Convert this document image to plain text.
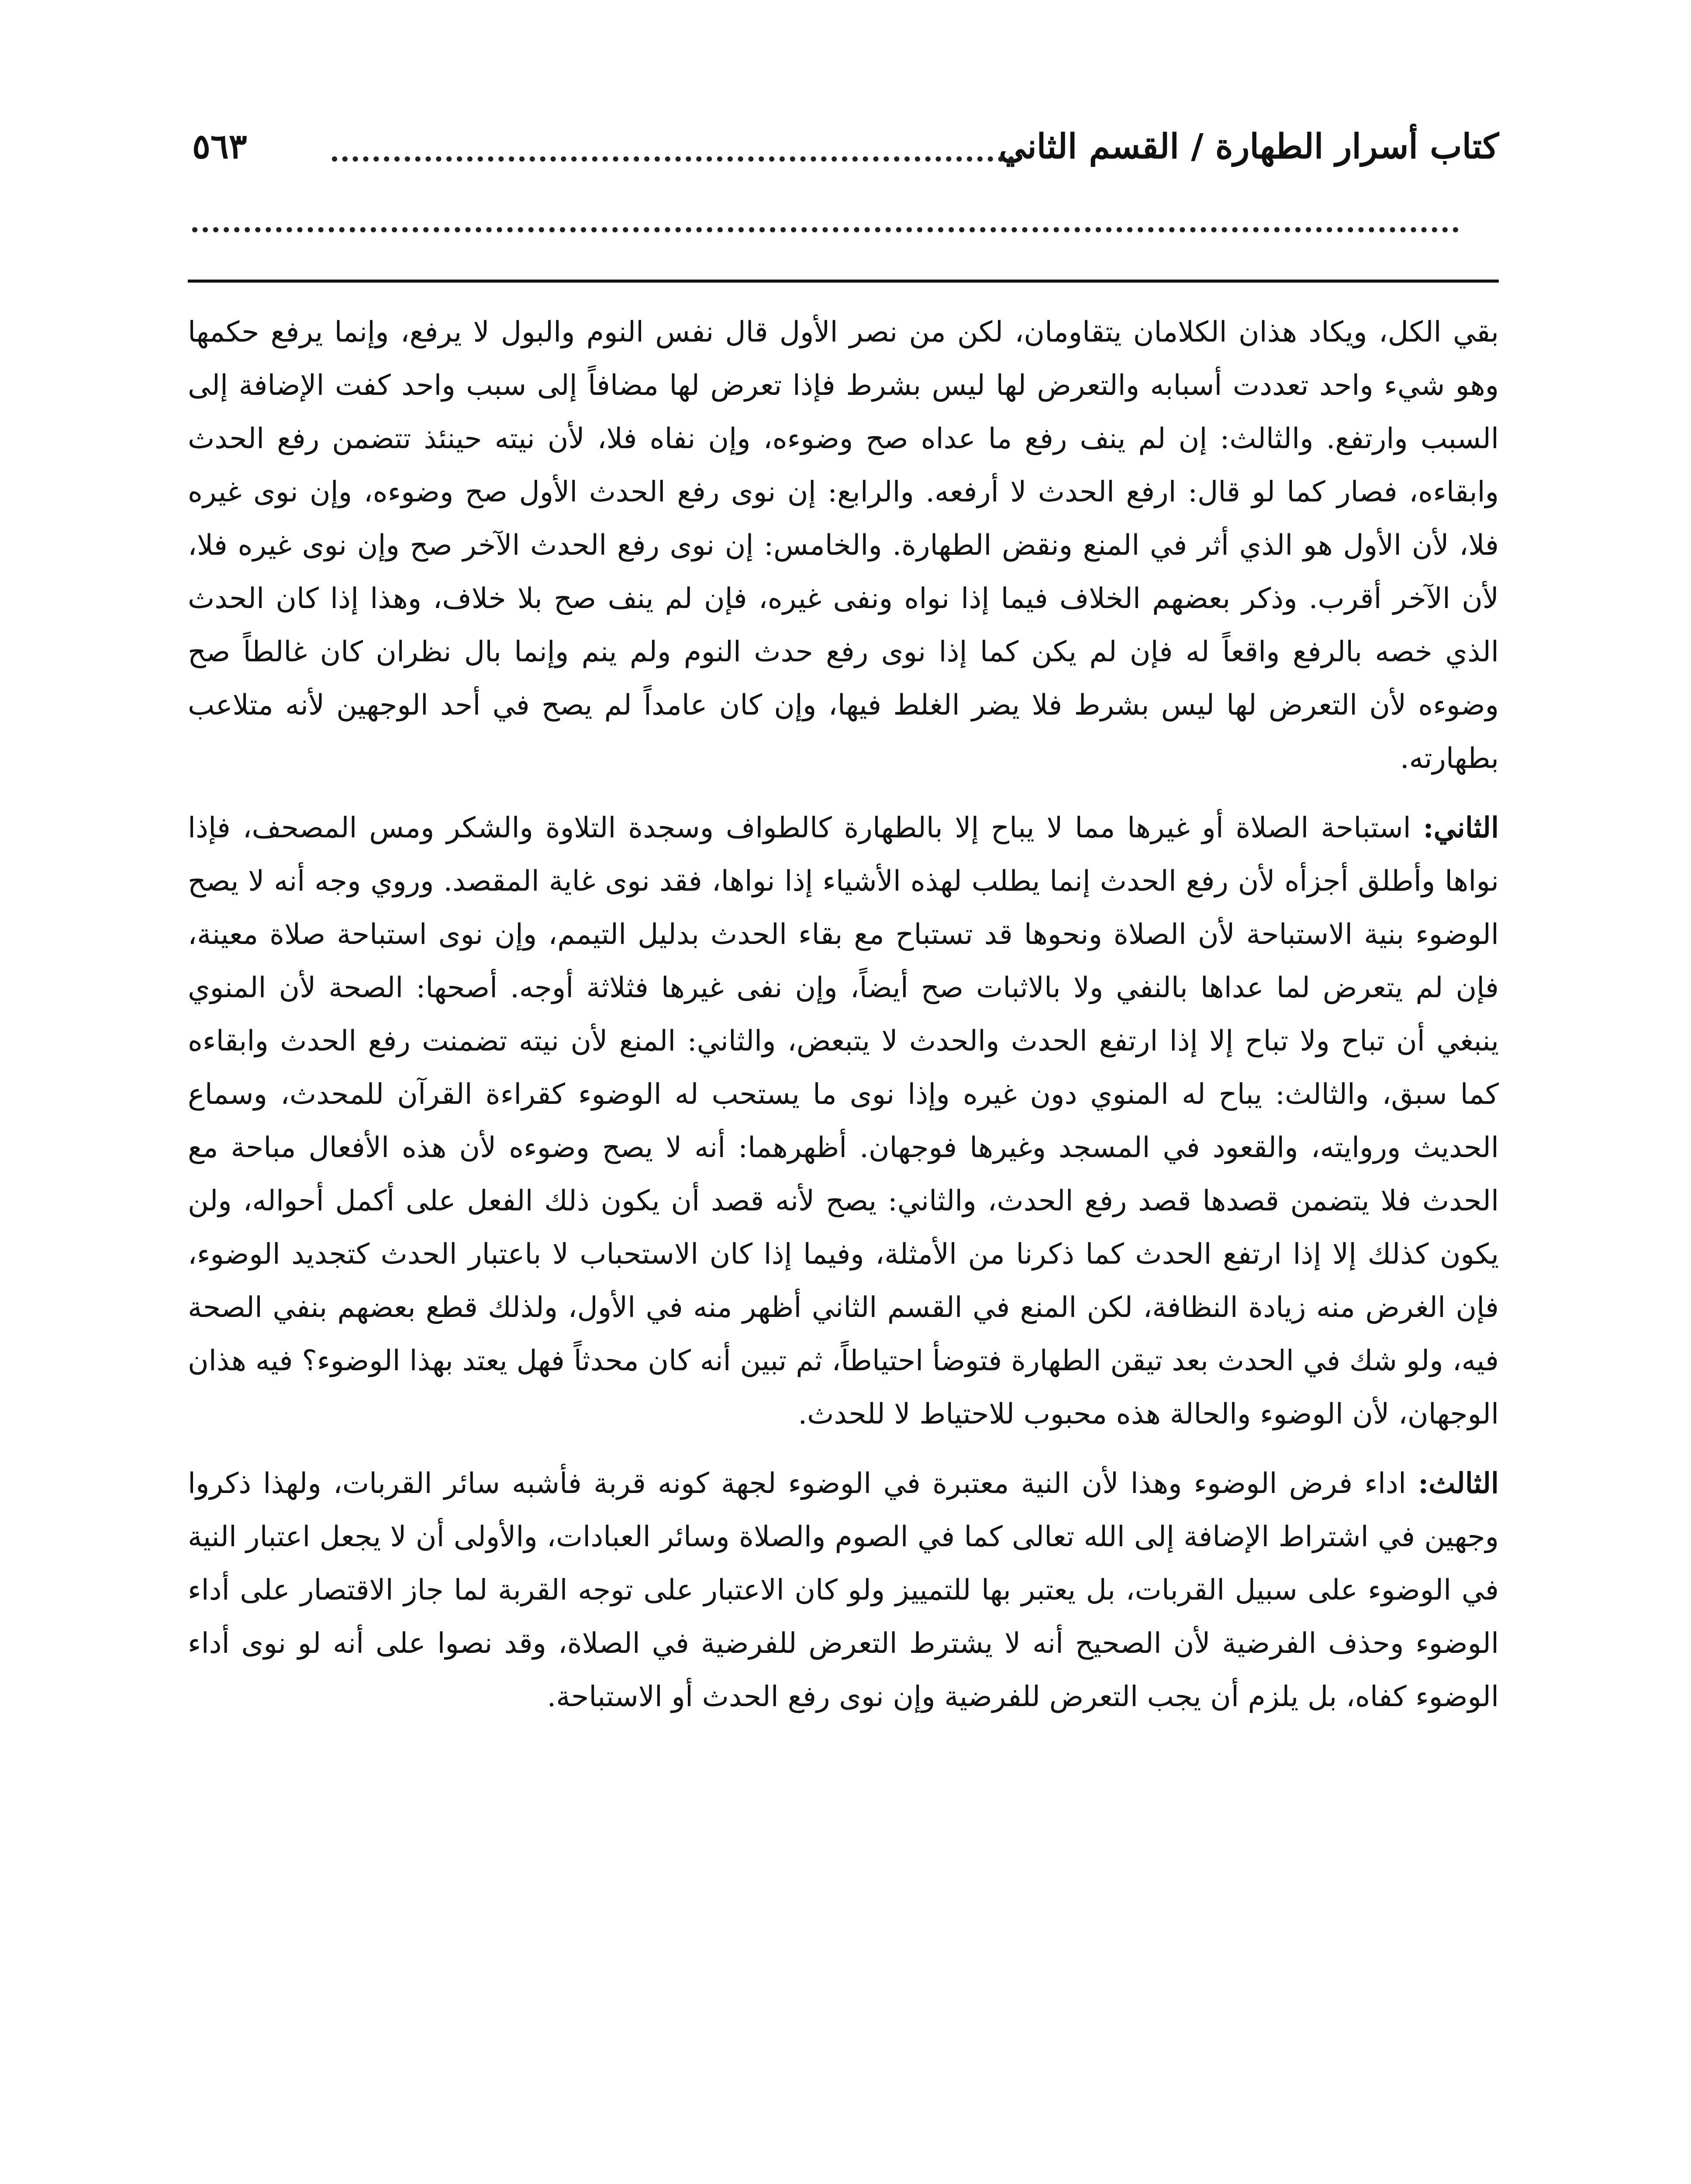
كتاب أسرار الطهارة / القسم الثاني
٥٦٣

بقي الكل، ويكاد هذان الكلامان يتقاومان، لكن من نصر الأول قال نفس النوم والبول لا يرفع، وإنما يرفع حكمها وهو شيء واحد تعددت أسبابه والتعرض لها ليس بشرط فإذا تعرض لها مضافاً إلى سبب واحد كفت الإضافة إلى السبب وارتفع. والثالث: إن لم ينف رفع ما عداه صح وضوءه، وإن نفاه فلا، لأن نيته حينئذ تتضمن رفع الحدث وابقاءه، فصار كما لو قال: ارفع الحدث لا أرفعه. والرابع: إن نوى رفع الحدث الأول صح وضوءه، وإن نوى غيره فلا، لأن الأول هو الذي أثر في المنع ونقض الطهارة. والخامس: إن نوى رفع الحدث الآخر صح وإن نوى غيره فلا، لأن الآخر أقرب. وذكر بعضهم الخلاف فيما إذا نواه ونفى غيره، فإن لم ينف صح بلا خلاف، وهذا إذا كان الحدث الذي خصه بالرفع واقعاً له فإن لم يكن كما إذا نوى رفع حدث النوم ولم ينم وإنما بال نظران كان غالطاً صح وضوءه لأن التعرض لها ليس بشرط فلا يضر الغلط فيها، وإن كان عامداً لم يصح في أحد الوجهين لأنه متلاعب بطهارته.

الثاني: استباحة الصلاة أو غيرها مما لا يباح إلا بالطهارة كالطواف وسجدة التلاوة والشكر ومس المصحف، فإذا نواها وأطلق أجزأه لأن رفع الحدث إنما يطلب لهذه الأشياء إذا نواها، فقد نوى غاية المقصد. وروي وجه أنه لا يصح الوضوء بنية الاستباحة لأن الصلاة ونحوها قد تستباح مع بقاء الحدث بدليل التيمم، وإن نوى استباحة صلاة معينة، فإن لم يتعرض لما عداها بالنفي ولا بالاثبات صح أيضاً، وإن نفى غيرها فثلاثة أوجه. أصحها: الصحة لأن المنوي ينبغي أن تباح ولا تباح إلا إذا ارتفع الحدث والحدث لا يتبعض، والثاني: المنع لأن نيته تضمنت رفع الحدث وابقاءه كما سبق، والثالث: يباح له المنوي دون غيره وإذا نوى ما يستحب له الوضوء كقراءة القرآن للمحدث، وسماع الحديث وروايته، والقعود في المسجد وغيرها فوجهان. أظهرهما: أنه لا يصح وضوءه لأن هذه الأفعال مباحة مع الحدث فلا يتضمن قصدها قصد رفع الحدث، والثاني: يصح لأنه قصد أن يكون ذلك الفعل على أكمل أحواله، ولن يكون كذلك إلا إذا ارتفع الحدث كما ذكرنا من الأمثلة، وفيما إذا كان الاستحباب لا باعتبار الحدث كتجديد الوضوء، فإن الغرض منه زيادة النظافة، لكن المنع في القسم الثاني أظهر منه في الأول، ولذلك قطع بعضهم بنفي الصحة فيه، ولو شك في الحدث بعد تيقن الطهارة فتوضأ احتياطاً، ثم تبين أنه كان محدثاً فهل يعتد بهذا الوضوء؟ فيه هذان الوجهان، لأن الوضوء والحالة هذه محبوب للاحتياط لا للحدث.

الثالث: اداء فرض الوضوء وهذا لأن النية معتبرة في الوضوء لجهة كونه قربة فأشبه سائر القربات، ولهذا ذكروا وجهين في اشتراط الإضافة إلى الله تعالى كما في الصوم والصلاة وسائر العبادات، والأولى أن لا يجعل اعتبار النية في الوضوء على سبيل القربات، بل يعتبر بها للتمييز ولو كان الاعتبار على توجه القربة لما جاز الاقتصار على أداء الوضوء وحذف الفرضية لأن الصحيح أنه لا يشترط التعرض للفرضية في الصلاة، وقد نصوا على أنه لو نوى أداء الوضوء كفاه، بل يلزم أن يجب التعرض للفرضية وإن نوى رفع الحدث أو الاستباحة.
